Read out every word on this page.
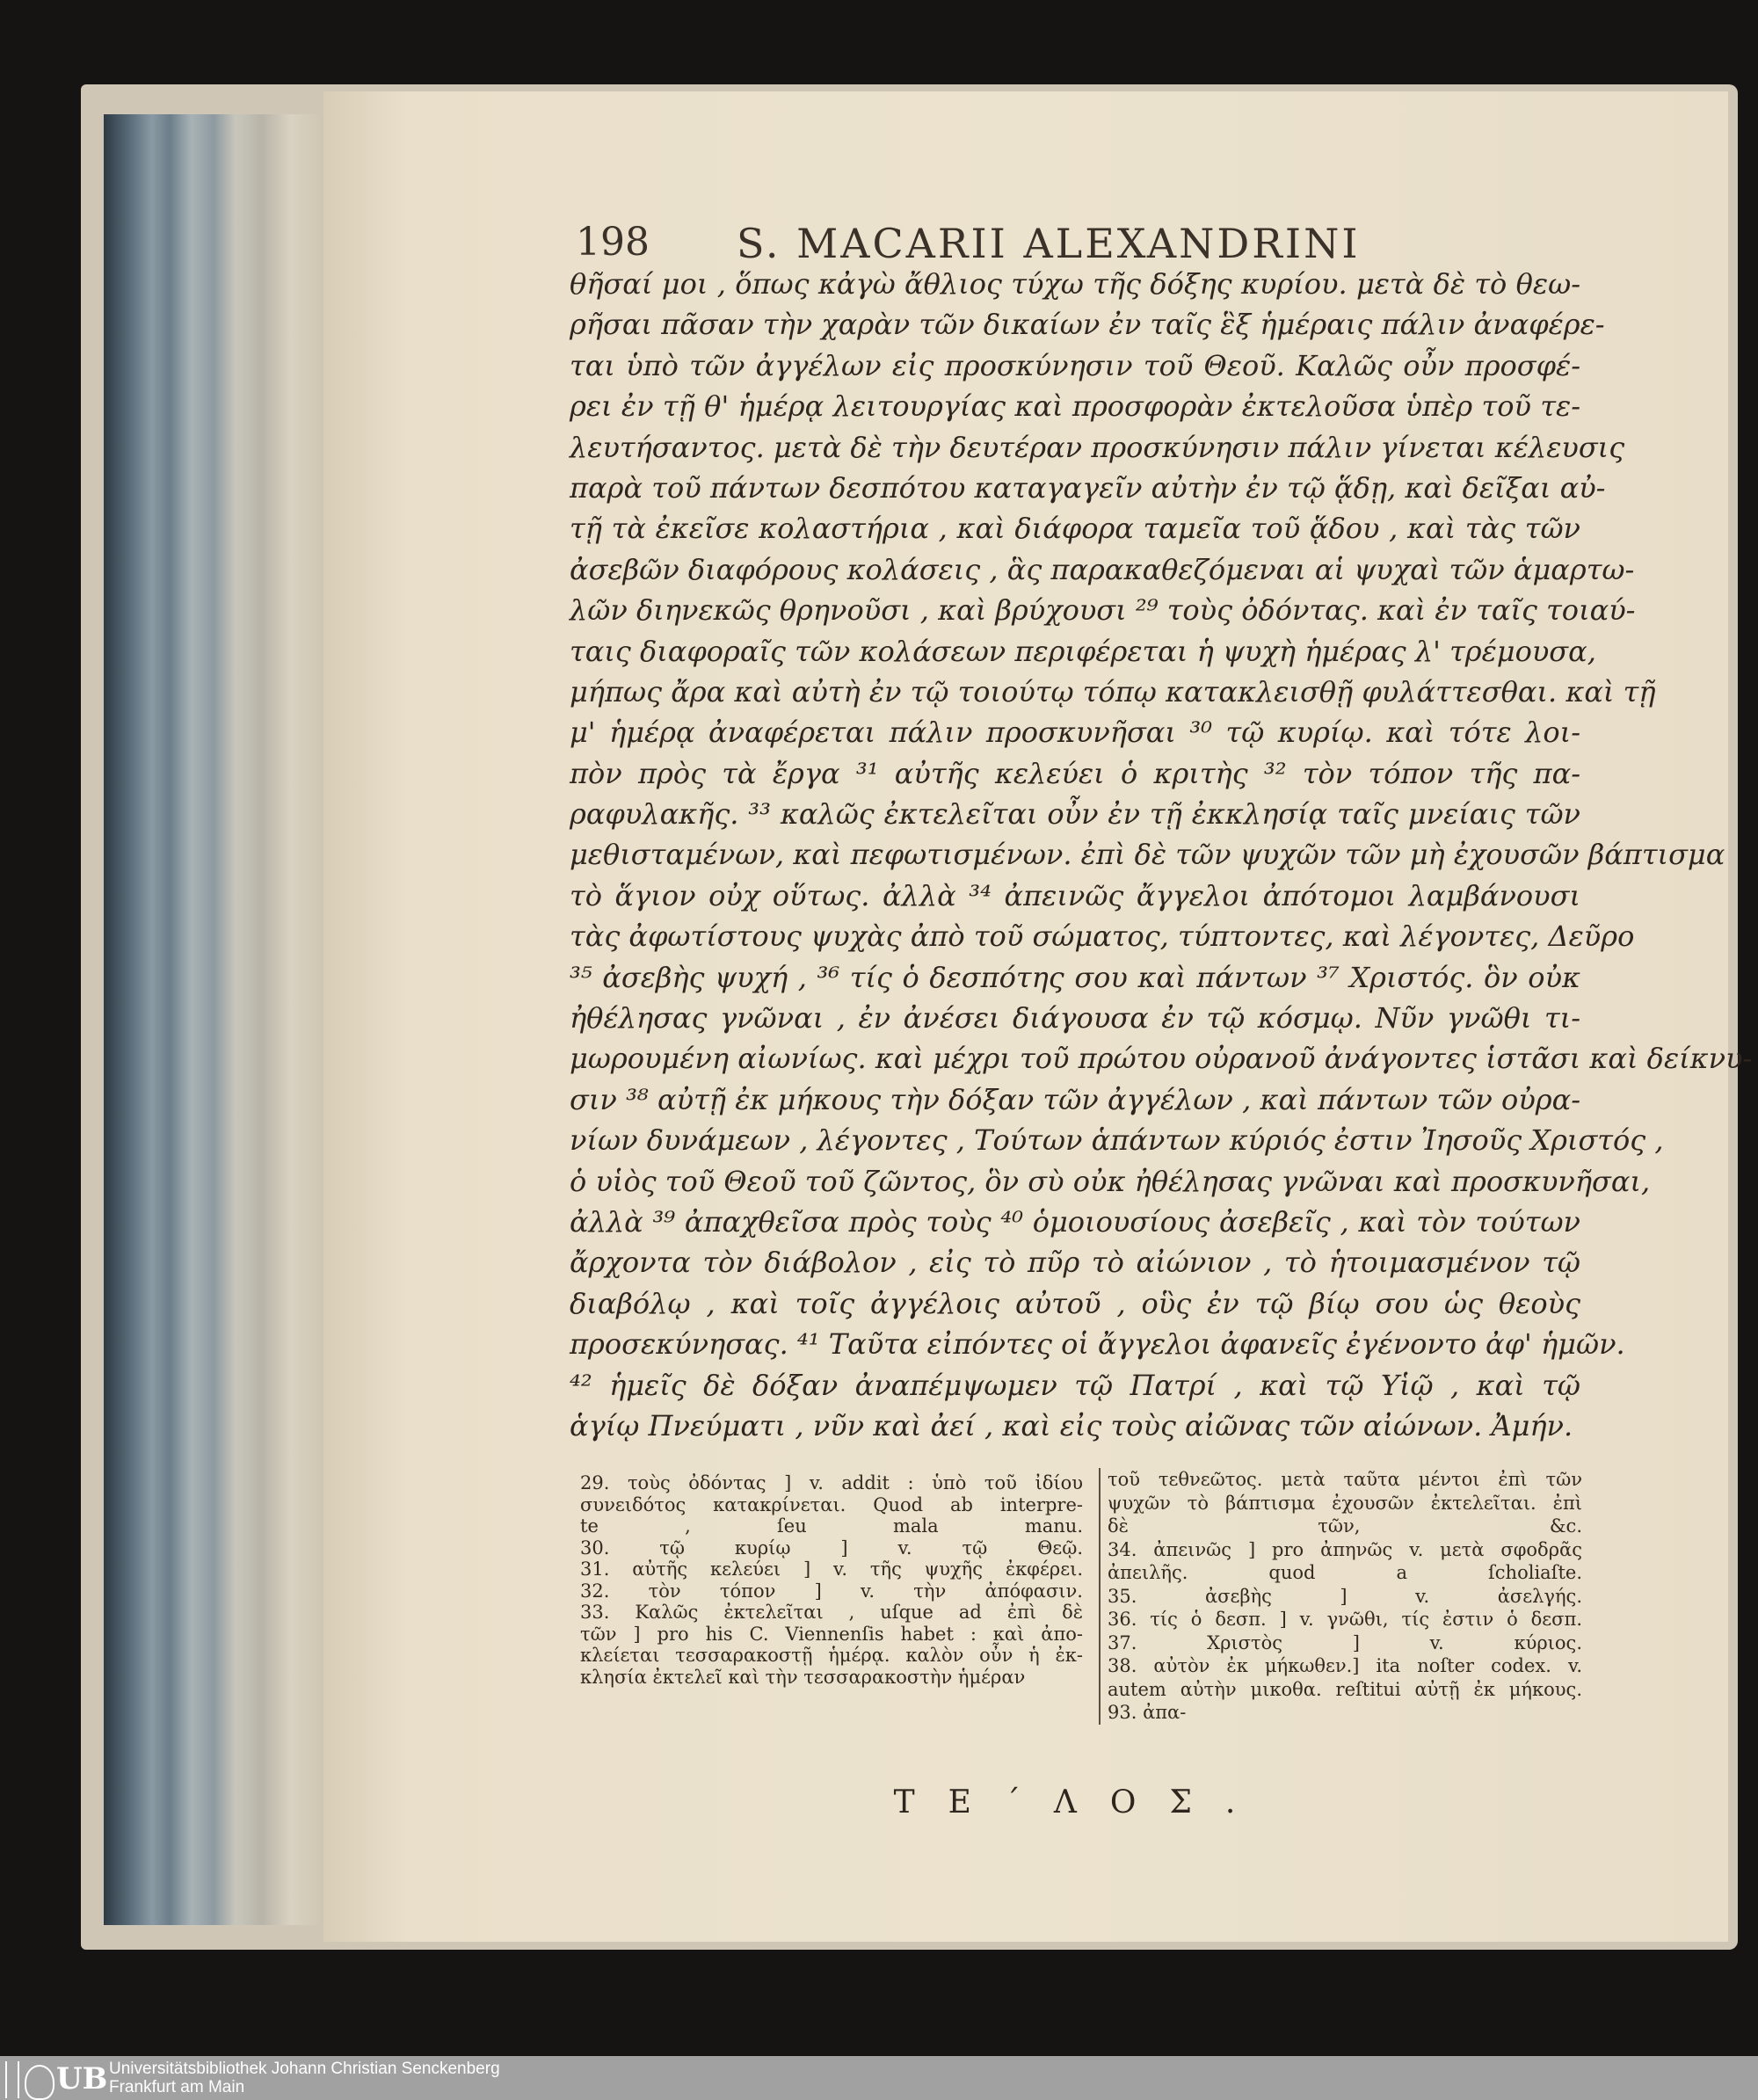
198 S. MACARII ALEXANDRINI
θῆσαί μοι , ὅπως κἀγὼ ἄθλιος τύχω τῆς δόξης κυρίου. μετὰ δὲ τὸ θεω-
ρῆσαι πᾶσαν τὴν χαρὰν τῶν δικαίων ἐν ταῖς ἓξ ἡμέραις πάλιν ἀναφέρε-
ται ὑπὸ τῶν ἀγγέλων εἰς προσκύνησιν τοῦ Θεοῦ. Καλῶς οὖν προσφέ-
ρει ἐν τῇ θ' ἡμέρᾳ λειτουργίας καὶ προσφορὰν ἐκτελοῦσα ὑπὲρ τοῦ τε-
λευτήσαντος. μετὰ δὲ τὴν δευτέραν προσκύνησιν πάλιν γίνεται κέλευσις
παρὰ τοῦ πάντων δεσπότου καταγαγεῖν αὐτὴν ἐν τῷ ᾅδῃ, καὶ δεῖξαι αὐ-
τῇ τὰ ἐκεῖσε κολαστήρια , καὶ διάφορα ταμεῖα τοῦ ᾅδου , καὶ τὰς τῶν
ἀσεβῶν διαφόρους κολάσεις , ἃς παρακαθεζόμεναι αἱ ψυχαὶ τῶν ἁμαρτω-
λῶν διηνεκῶς θρηνοῦσι , καὶ βρύχουσι ²⁹ τοὺς ὀδόντας. καὶ ἐν ταῖς τοιαύ-
ταις διαφοραῖς τῶν κολάσεων περιφέρεται ἡ ψυχὴ ἡμέρας λ' τρέμουσα,
μήπως ἄρα καὶ αὐτὴ ἐν τῷ τοιούτῳ τόπῳ κατακλεισθῇ φυλάττεσθαι. καὶ τῇ
μ' ἡμέρᾳ ἀναφέρεται πάλιν προσκυνῆσαι ³⁰ τῷ κυρίῳ. καὶ τότε λοι-
πὸν πρὸς τὰ ἔργα ³¹ αὐτῆς κελεύει ὁ κριτὴς ³² τὸν τόπον τῆς πα-
ραφυλακῆς. ³³ καλῶς ἐκτελεῖται οὖν ἐν τῇ ἐκκλησίᾳ ταῖς μνείαις τῶν
μεθισταμένων, καὶ πεφωτισμένων. ἐπὶ δὲ τῶν ψυχῶν τῶν μὴ ἐχουσῶν βάπτισμα
τὸ ἅγιον οὐχ οὕτως. ἀλλὰ ³⁴ ἀπεινῶς ἄγγελοι ἀπότομοι λαμβάνουσι
τὰς ἀφωτίστους ψυχὰς ἀπὸ τοῦ σώματος, τύπτοντες, καὶ λέγοντες, Δεῦρο
³⁵ ἀσεβὴς ψυχή , ³⁶ τίς ὁ δεσπότης σου καὶ πάντων ³⁷ Χριστός. ὃν οὐκ
ἠθέλησας γνῶναι , ἐν ἀνέσει διάγουσα ἐν τῷ κόσμῳ. Νῦν γνῶθι τι-
μωρουμένη αἰωνίως. καὶ μέχρι τοῦ πρώτου οὐρανοῦ ἀνάγοντες ἱστᾶσι καὶ δείκνυ-
σιν ³⁸ αὐτῇ ἐκ μήκους τὴν δόξαν τῶν ἀγγέλων , καὶ πάντων τῶν οὐρα-
νίων δυνάμεων , λέγοντες , Τούτων ἁπάντων κύριός ἐστιν Ἰησοῦς Χριστός ,
ὁ υἱὸς τοῦ Θεοῦ τοῦ ζῶντος, ὃν σὺ οὐκ ἠθέλησας γνῶναι καὶ προσκυνῆσαι,
ἀλλὰ ³⁹ ἀπαχθεῖσα πρὸς τοὺς ⁴⁰ ὁμοιουσίους ἀσεβεῖς , καὶ τὸν τούτων
ἄρχοντα τὸν διάβολον , εἰς τὸ πῦρ τὸ αἰώνιον , τὸ ἡτοιμασμένον τῷ
διαβόλῳ , καὶ τοῖς ἀγγέλοις αὐτοῦ , οὓς ἐν τῷ βίῳ σου ὡς θεοὺς
προσεκύνησας. ⁴¹ Ταῦτα εἰπόντες οἱ ἄγγελοι ἀφανεῖς ἐγένοντο ἀφ' ἡμῶν.
⁴² ἡμεῖς δὲ δόξαν ἀναπέμψωμεν τῷ Πατρί , καὶ τῷ Υἱῷ , καὶ τῷ
ἁγίῳ Πνεύματι , νῦν καὶ ἀεί , καὶ εἰς τοὺς αἰῶνας τῶν αἰώνων. Ἀμήν.
29. τοὺς ὀδόντας ] v. addit : ὑπὸ τοῦ ἰδίου
συνειδότος κατακρίνεται. Quod ab interpre-
te , ſeu mala manu.
30. τῷ κυρίῳ ] v. τῷ Θεῷ.
31. αὐτῆς κελεύει ] v. τῆς ψυχῆς ἐκφέρει.
32. τὸν τόπον ] v. τὴν ἀπόφασιν.
33. Καλῶς ἐκτελεῖται , uſque ad ἐπὶ δὲ
τῶν ] pro his C. Viennenſis habet : καὶ ἀπο-
κλείεται τεσσαρακοστῇ ἡμέρᾳ. καλὸν οὖν ἡ ἐκ-
κλησία ἐκτελεῖ καὶ τὴν τεσσαρακοστὴν ἡμέραν
τοῦ τεθνεῶτος. μετὰ ταῦτα μέντοι ἐπὶ τῶν
ψυχῶν τὸ βάπτισμα ἐχουσῶν ἐκτελεῖται. ἐπὶ
δὲ τῶν, &c.
34. ἀπεινῶς ] pro ἀπηνῶς v. μετὰ σφοδρᾶς
ἀπειλῆς. quod a ſcholiaſte.
35. ἀσεβὴς ] v. ἀσελγής.
36. τίς ὁ δεσπ. ] v. γνῶθι, τίς ἐστιν ὁ δεσπ.
37. Χριστὸς ] v. κύριος.
38. αὐτὸν ἐκ μήκωθεν.] ita noſter codex. v.
autem αὐτὴν μικοθα. reſtitui αὐτῇ ἐκ μήκους.
93. ἀπα-
ΤΕ΄ΛΟΣ.
UB Universitätsbibliothek Johann Christian Senckenberg
Frankfurt am Main
